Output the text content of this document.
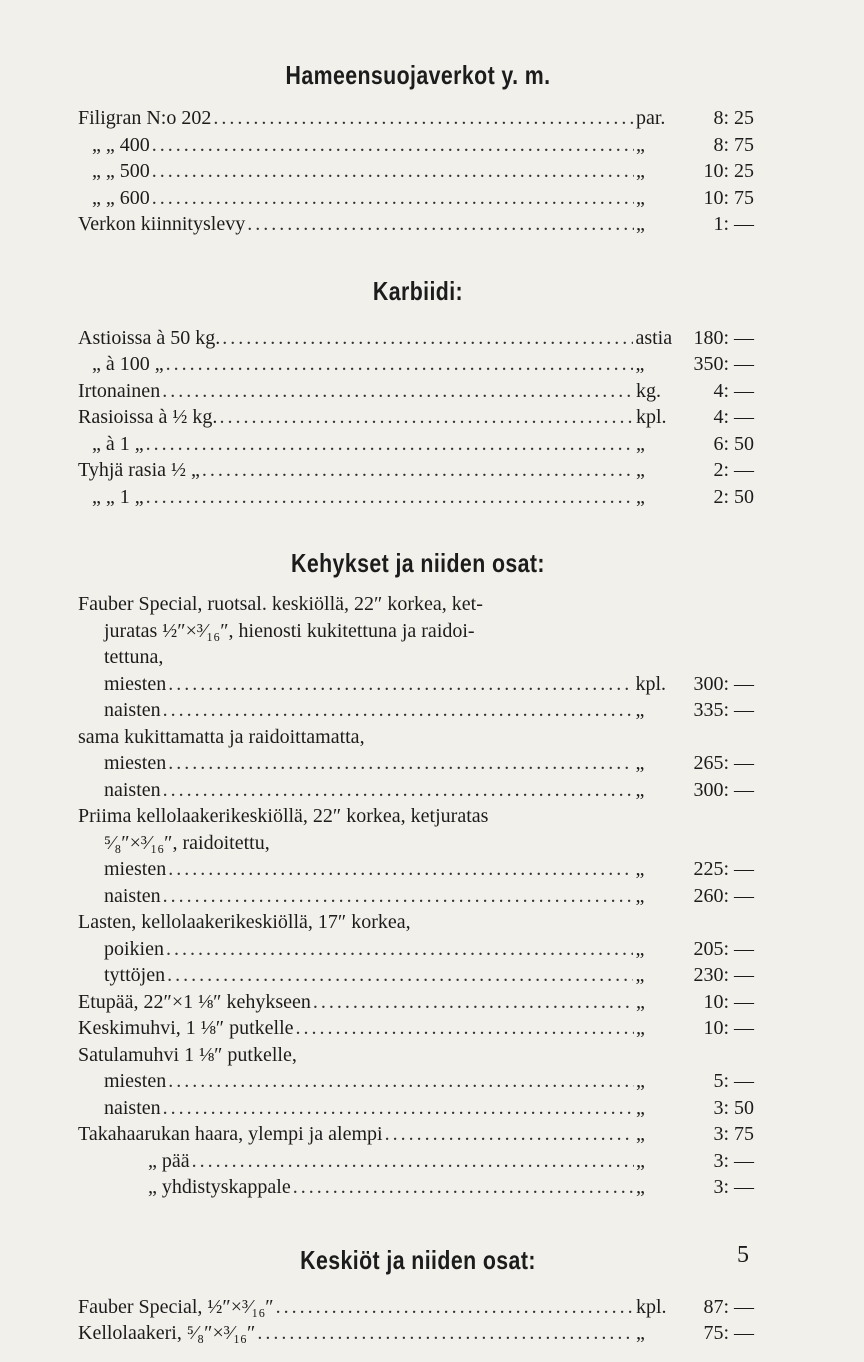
Hameensuojaverkot y. m.
Filigran N:o 202 .....	par.	8: 25
„ „ 400 .....	„	8: 75
„ „ 500 .....	„	10: 25
„ „ 600 .....	„	10: 75
Verkon kiinnityslevy .....	„	1: —
Karbiidi:
Astioissa à 50 kg. .....	astia	180: —
„ à 100 „ .....	„	350: —
Irtonainen .....	kg.	4: —
Rasioissa à ½ kg. .....	kpl.	4: —
„ à 1 „ .....	„	6: 50
Tyhjä rasia ½ „ .....	„	2: —
„ „ 1 „ .....	„	2: 50
Kehykset ja niiden osat:
Fauber Special, ruotsal. keskiöllä, 22″ korkea, ket-
juratas ½″×³⁄₁₆″, hienosti kukitettuna ja raidoi-
tettuna,
miesten .....	kpl.	300: —
naisten .....	„	335: —
sama kukittamatta ja raidoittamatta,
miesten .....	„	265: —
naisten .....	„	300: —
Priima kellolaakerikeskiöllä, 22″ korkea, ketjuratas
⁵⁄₈″×³⁄₁₆″, raidoitettu,
miesten .....	„	225: —
naisten .....	„	260: —
Lasten, kellolaakerikeskiöllä, 17″ korkea,
poikien .....	„	205: —
tyttöjen .....	„	230: —
Etupää, 22″×1 ⅛″ kehykseen .....	„	10: —
Keskimuhvi, 1 ⅛″ putkelle .....	„	10: —
Satulamuhvi 1 ⅛″ putkelle,
miesten .....	„	5: —
naisten .....	„	3: 50
Takahaarukan haara, ylempi ja alempi .....	„	3: 75
„ pää .....	„	3: —
„ yhdistyskappale .....	„	3: —
Keskiöt ja niiden osat:
Fauber Special, ½″×³⁄₁₆″ .....	kpl.	87: —
Kellolaakeri, ⁵⁄₈″×³⁄₁₆″ .....	„	75: —
5
